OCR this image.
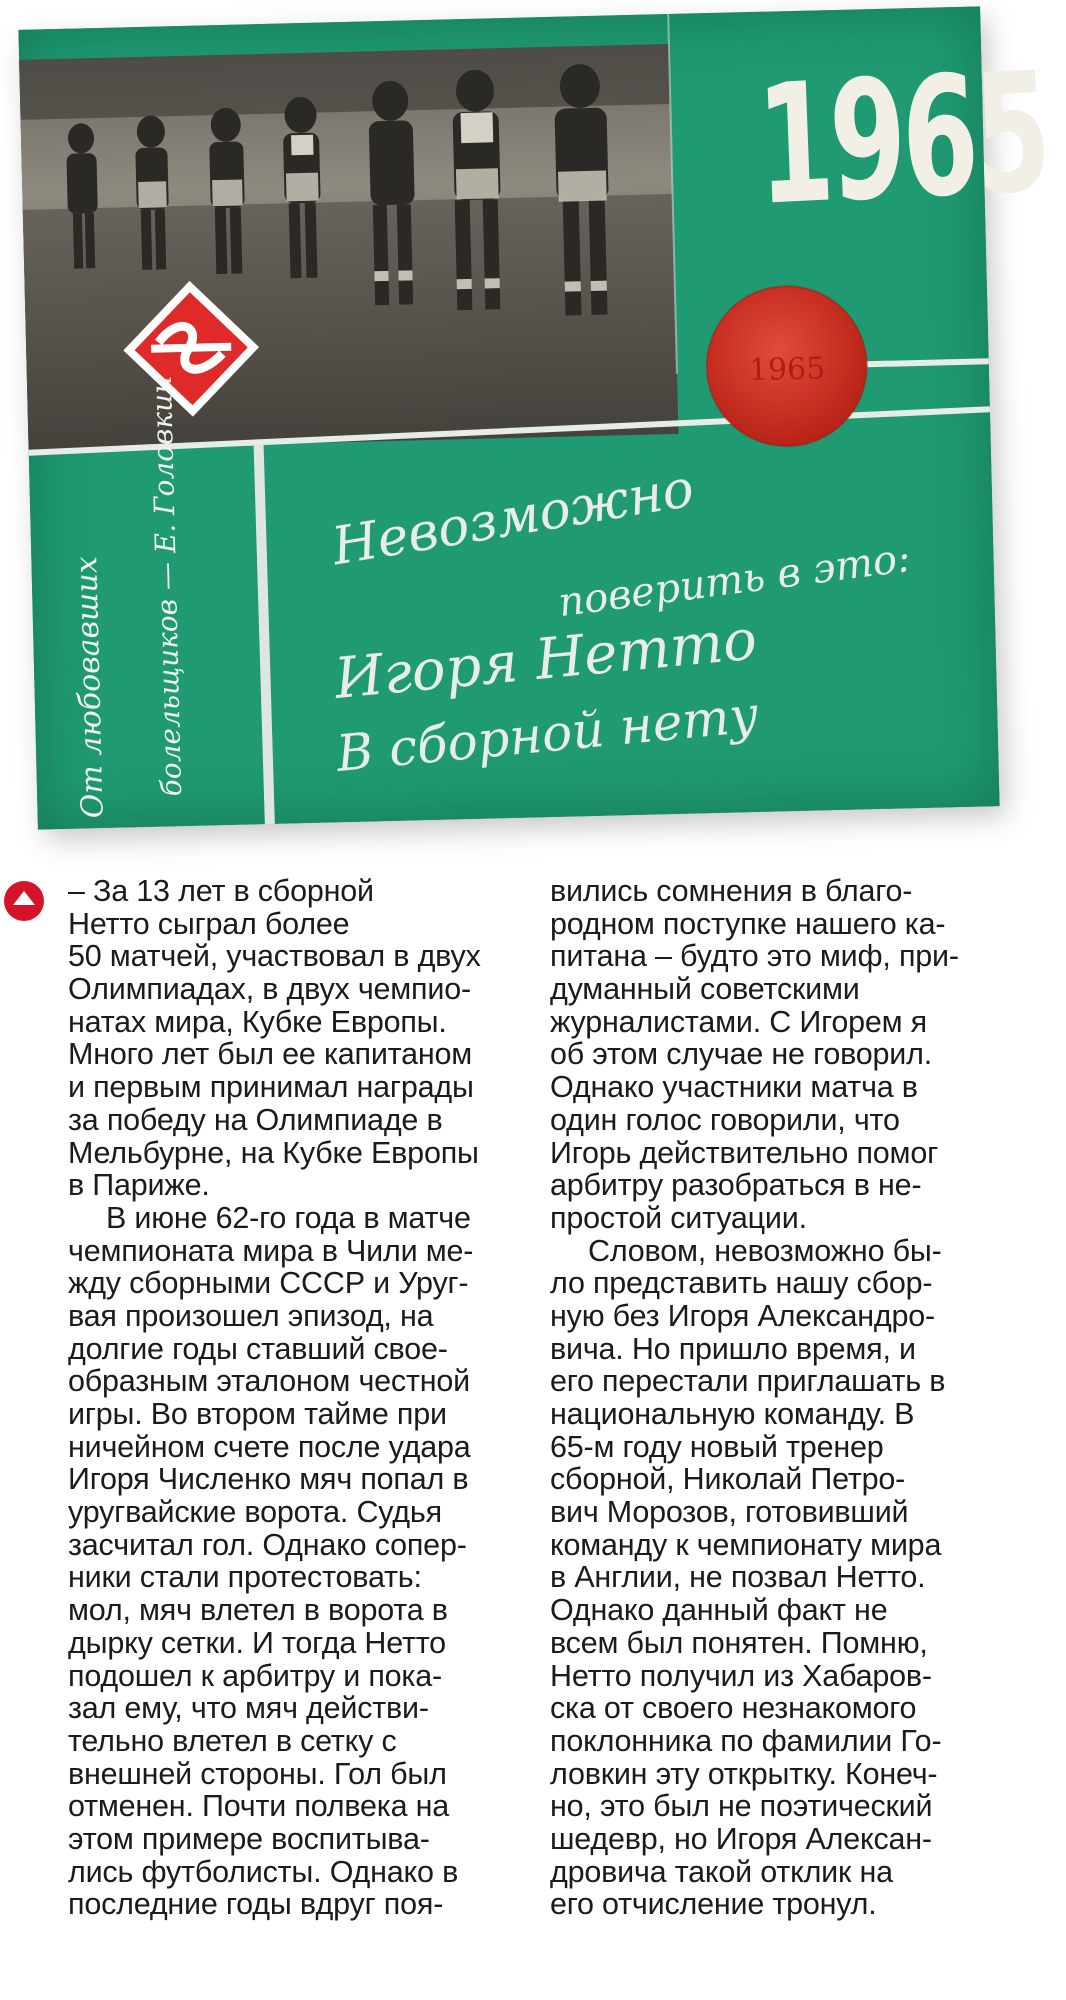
1965
1965
Невозможно
поверить в это:
Игоря Нетто
В сборной нету
От любовавших болельщиков — Е. Головкин
– За 13 лет в сборной
Нетто сыграл более
50 матчей, участвовал в двух
Олимпиадах, в двух чемпио-
натах мира, Кубке Европы.
Много лет был ее капитаном
и первым принимал награды
за победу на Олимпиаде в
Мельбурне, на Кубке Европы
в Париже.
В июне 62-го года в матче
чемпионата мира в Чили ме-
жду сборными СССР и Уруг-
вая произошел эпизод, на
долгие годы ставший свое-
образным эталоном честной
игры. Во втором тайме при
ничейном счете после удара
Игоря Численко мяч попал в
уругвайские ворота. Судья
засчитал гол. Однако сопер-
ники стали протестовать:
мол, мяч влетел в ворота в
дырку сетки. И тогда Нетто
подошел к арбитру и пока-
зал ему, что мяч действи-
тельно влетел в сетку с
внешней стороны. Гол был
отменен. Почти полвека на
этом примере воспитыва-
лись футболисты. Однако в
последние годы вдруг поя-
вились сомнения в благо-
родном поступке нашего ка-
питана – будто это миф, при-
думанный советскими
журналистами. С Игорем я
об этом случае не говорил.
Однако участники матча в
один голос говорили, что
Игорь действительно помог
арбитру разобраться в не-
простой ситуации.
Словом, невозможно бы-
ло представить нашу сбор-
ную без Игоря Александро-
вича. Но пришло время, и
его перестали приглашать в
национальную команду. В
65-м году новый тренер
сборной, Николай Петро-
вич Морозов, готовивший
команду к чемпионату мира
в Англии, не позвал Нетто.
Однако данный факт не
всем был понятен. Помню,
Нетто получил из Хабаров-
ска от своего незнакомого
поклонника по фамилии Го-
ловкин эту открытку. Конеч-
но, это был не поэтический
шедевр, но Игоря Алексан-
дровича такой отклик на
его отчисление тронул.
